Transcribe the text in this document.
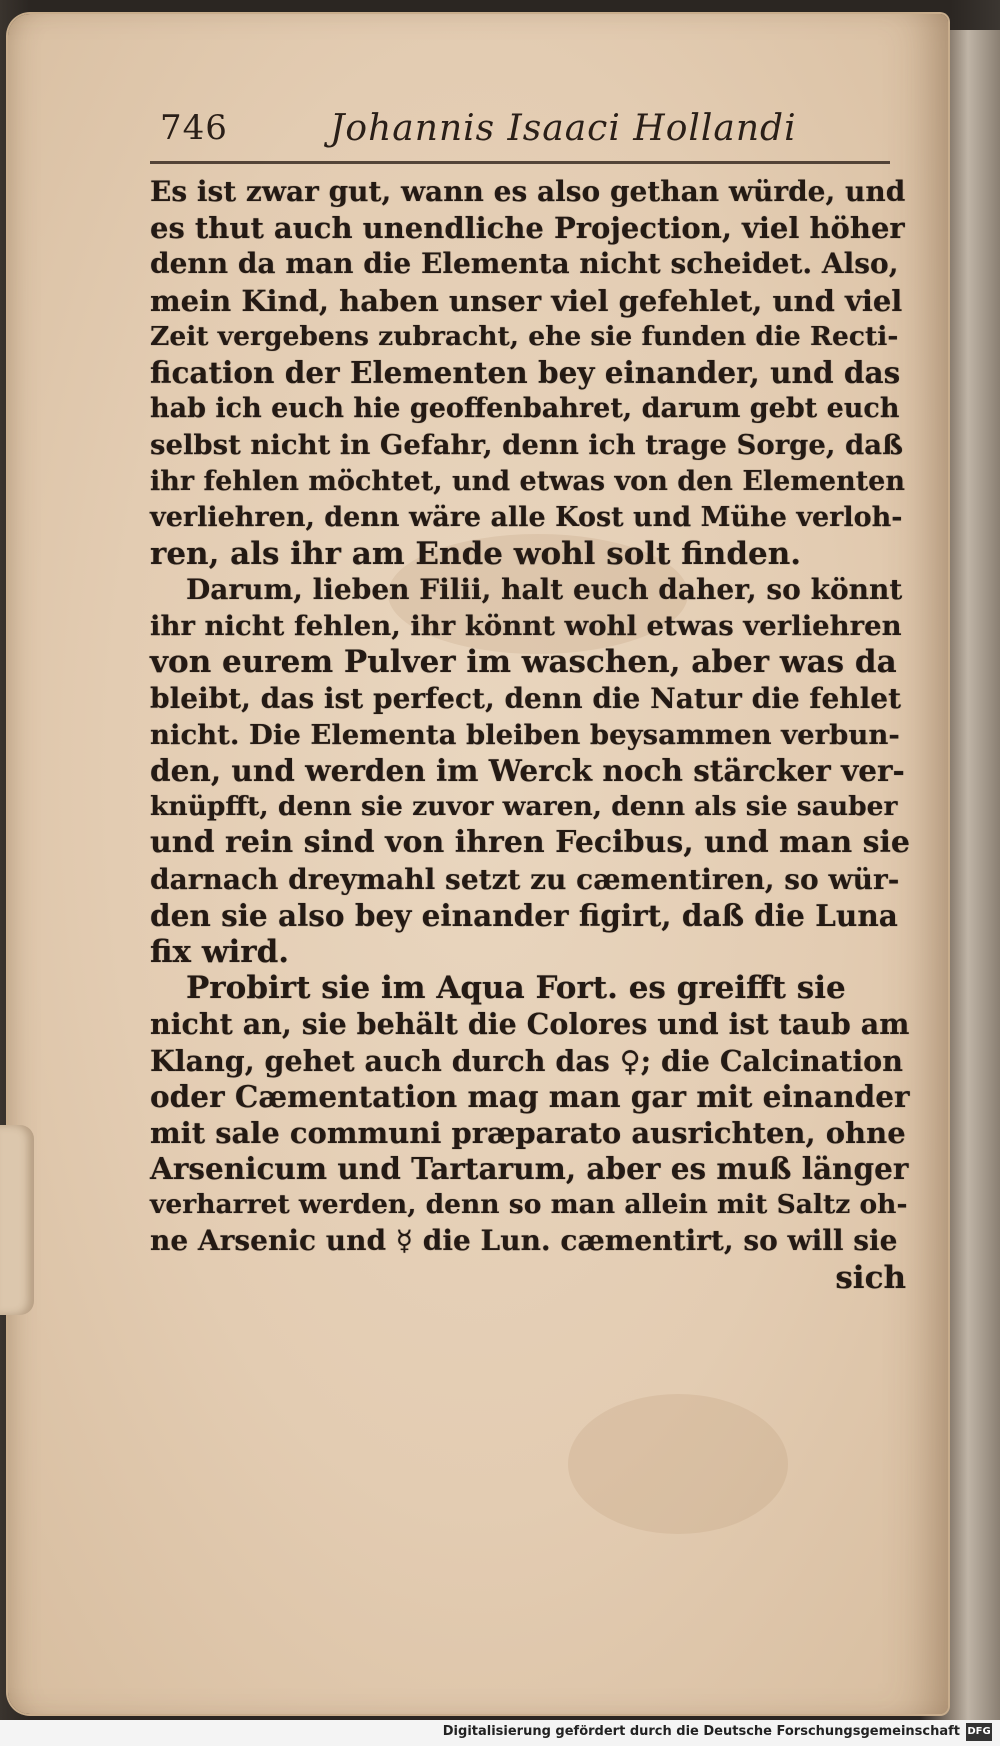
746	Johannis Isaaci Hollandi
Es ist zwar gut, wann es also gethan würde, und
es thut auch unendliche Projection, viel höher
denn da man die Elementa nicht scheidet. Also,
mein Kind, haben unser viel gefehlet, und viel
Zeit vergebens zubracht, ehe sie funden die Recti-
fication der Elementen bey einander, und das
hab ich euch hie geoffenbahret, darum gebt euch
selbst nicht in Gefahr, denn ich trage Sorge, daß
ihr fehlen möchtet, und etwas von den Elementen
verliehren, denn wäre alle Kost und Mühe verloh-
ren, als ihr am Ende wohl solt finden.
Darum, lieben Filii, halt euch daher, so könnt
ihr nicht fehlen, ihr könnt wohl etwas verliehren
von eurem Pulver im waschen, aber was da
bleibt, das ist perfect, denn die Natur die fehlet
nicht. Die Elementa bleiben beysammen verbun-
den, und werden im Werck noch stärcker ver-
knüpfft, denn sie zuvor waren, denn als sie sauber
und rein sind von ihren Fecibus, und man sie
darnach dreymahl setzt zu cæmentiren, so wür-
den sie also bey einander figirt, daß die Luna
fix wird.
Probirt sie im Aqua Fort. es greifft sie
nicht an, sie behält die Colores und ist taub am
Klang, gehet auch durch das ♀; die Calcination
oder Cæmentation mag man gar mit einander
mit sale communi præparato ausrichten, ohne
Arsenicum und Tartarum, aber es muß länger
verharret werden, denn so man allein mit Saltz oh-
ne Arsenic und ☿ die Lun. cæmentirt, so will sie
sich
Digitalisierung gefördert durch die Deutsche Forschungsgemeinschaft DFG
